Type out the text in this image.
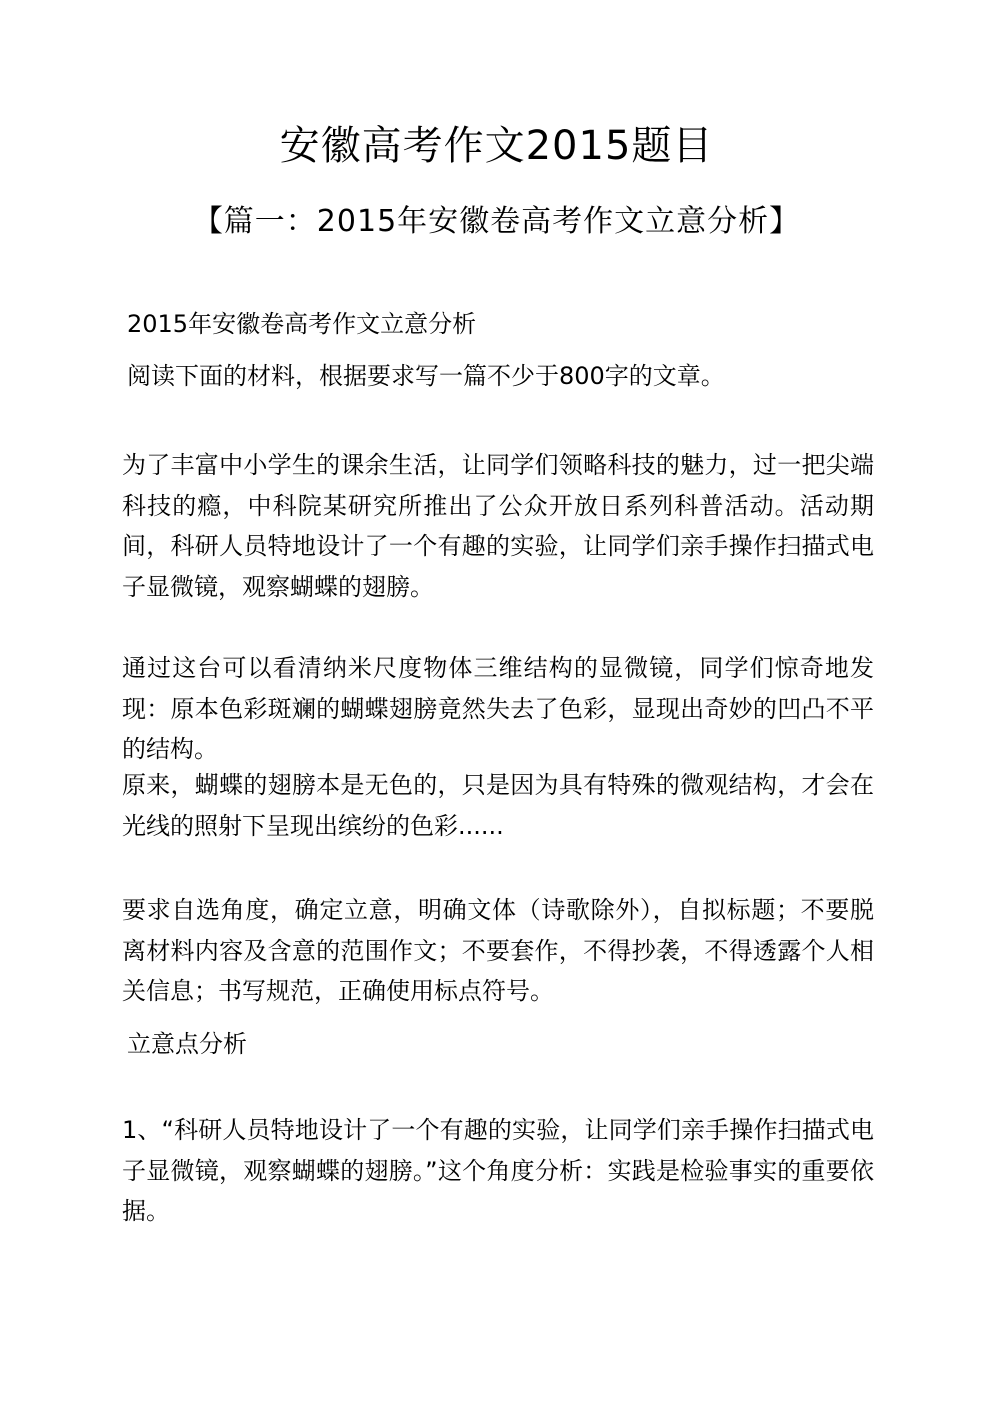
安徽高考作文2015题目
【篇一：2015年安徽卷高考作文立意分析】
2015年安徽卷高考作文立意分析
阅读下面的材料，根据要求写一篇不少于800字的文章。
为了丰富中小学生的课余生活，让同学们领略科技的魅力，过一把尖端科技的瘾，中科院某研究所推出了公众开放日系列科普活动。活动期间，科研人员特地设计了一个有趣的实验，让同学们亲手操作扫描式电子显微镜，观察蝴蝶的翅膀。
通过这台可以看清纳米尺度物体三维结构的显微镜，同学们惊奇地发现：原本色彩斑斓的蝴蝶翅膀竟然失去了色彩，显现出奇妙的凹凸不平的结构。
原来，蝴蝶的翅膀本是无色的，只是因为具有特殊的微观结构，才会在光线的照射下呈现出缤纷的色彩......
要求自选角度，确定立意，明确文体（诗歌除外），自拟标题；不要脱离材料内容及含意的范围作文；不要套作，不得抄袭，不得透露个人相关信息；书写规范，正确使用标点符号。
立意点分析
1、“科研人员特地设计了一个有趣的实验，让同学们亲手操作扫描式电子显微镜，观察蝴蝶的翅膀。”这个角度分析：实践是检验事实的重要依据。
